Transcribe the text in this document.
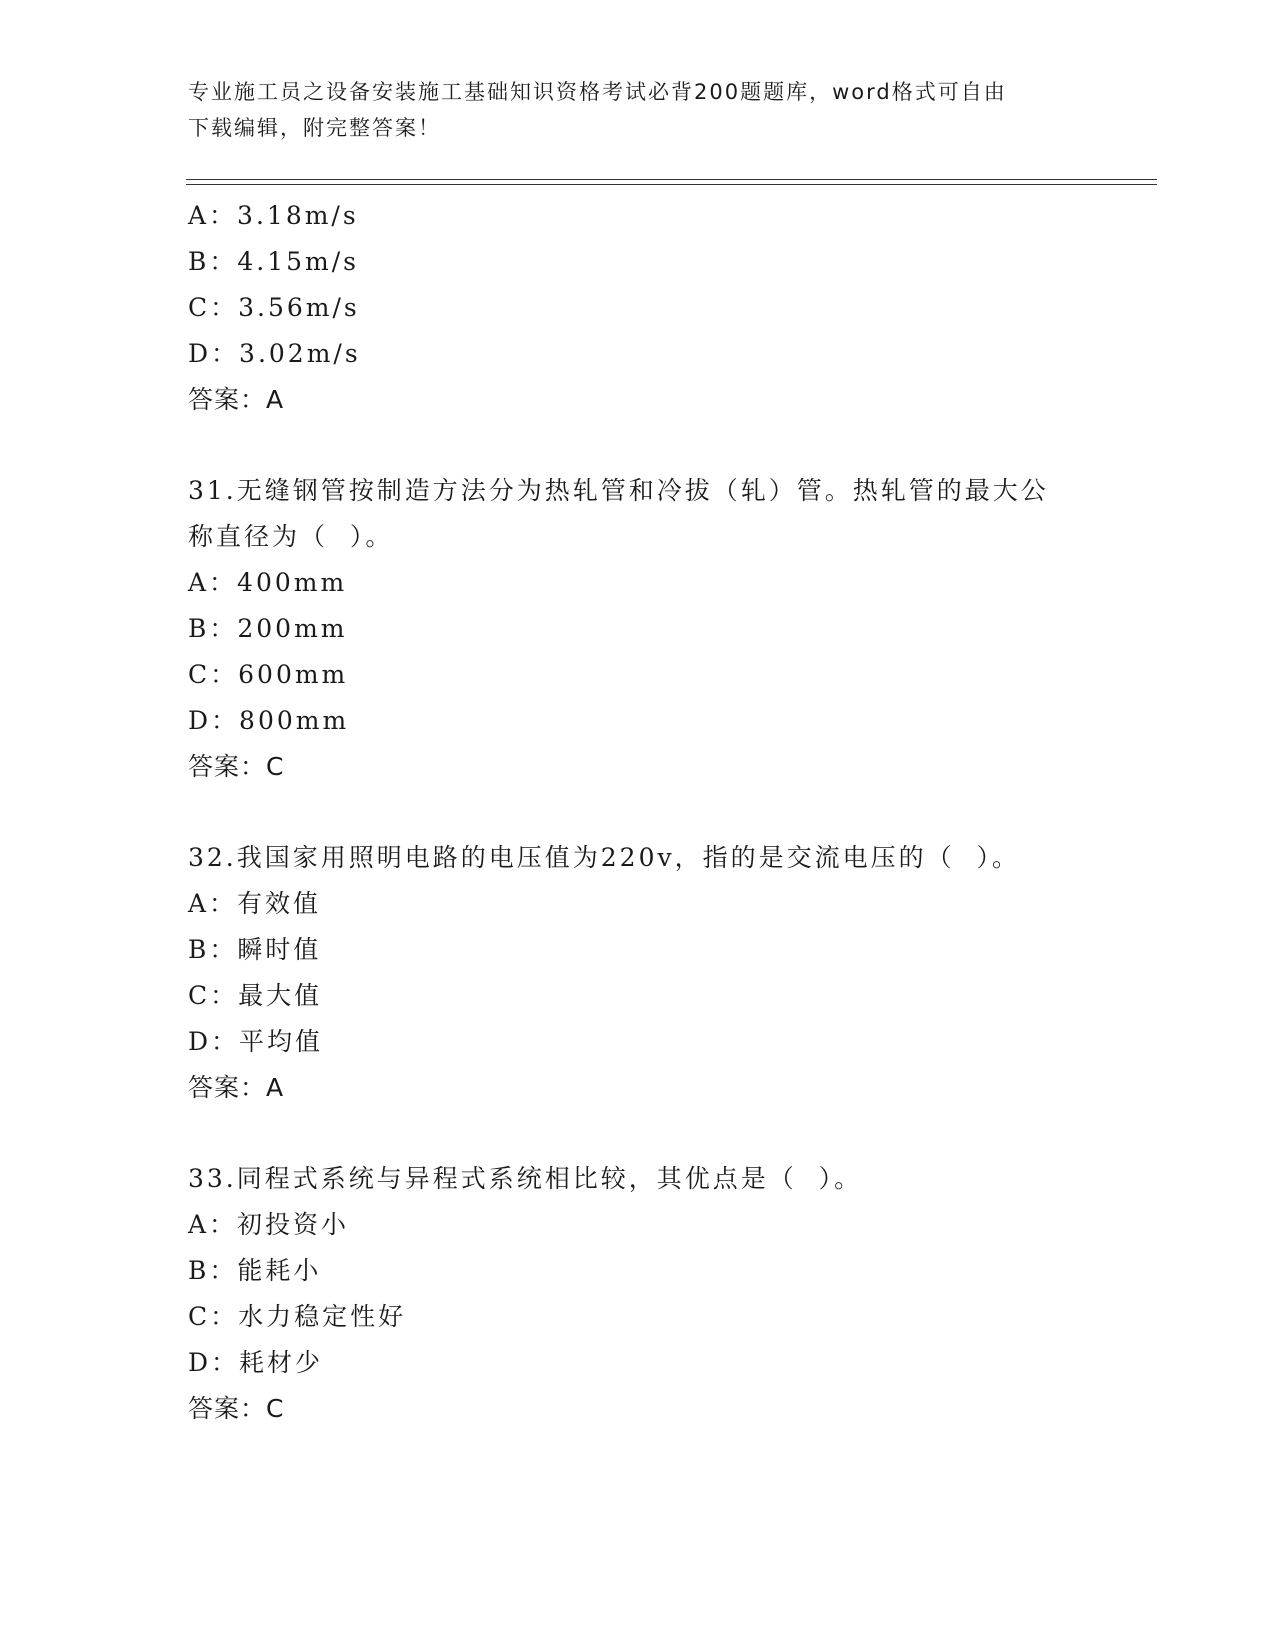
专业施工员之设备安装施工基础知识资格考试必背200题题库，word格式可自由
下载编辑，附完整答案！
A：3.18m/s
B：4.15m/s
C：3.56m/s
D：3.02m/s
答案：A
31.无缝钢管按制造方法分为热轧管和冷拔（轧）管。热轧管的最大公
称直径为（  ）。
A：400mm
B：200mm
C：600mm
D：800mm
答案：C
32.我国家用照明电路的电压值为220v，指的是交流电压的（  ）。
A：有效值
B：瞬时值
C：最大值
D：平均值
答案：A
33.同程式系统与异程式系统相比较，其优点是（  ）。
A：初投资小
B：能耗小
C：水力稳定性好
D：耗材少
答案：C
